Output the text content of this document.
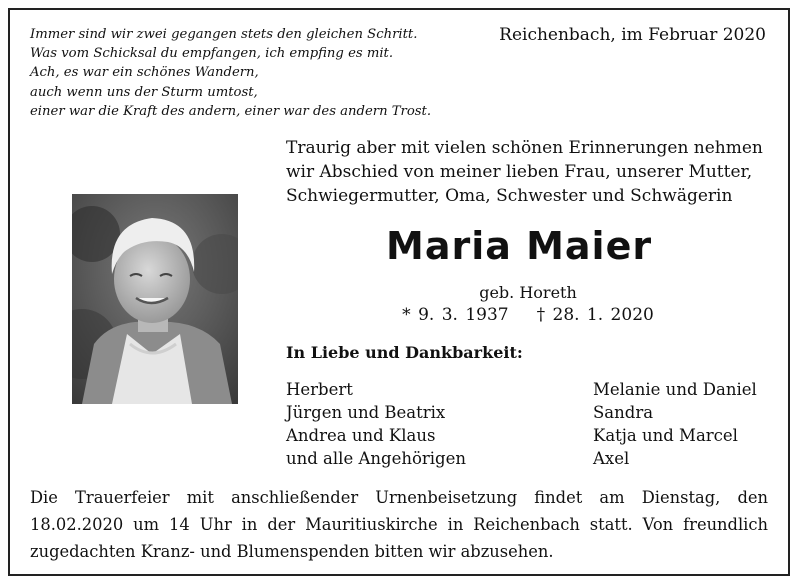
Immer sind wir zwei gegangen stets den gleichen Schritt.
Was vom Schicksal du empfangen, ich empfing es mit.
Ach, es war ein schönes Wandern,
auch wenn uns der Sturm umtost,
einer war die Kraft des andern, einer war des andern Trost.
Reichenbach, im Februar 2020
Traurig aber mit vielen schönen Erinnerungen nehmen
wir Abschied von meiner lieben Frau, unserer Mutter,
Schwiegermutter, Oma, Schwester und Schwägerin
Maria Maier
geb. Horeth
* 9. 3. 1937 † 28. 1. 2020
In Liebe und Dankbarkeit:
Herbert
Jürgen und Beatrix
Andrea und Klaus
und alle Angehörigen
Melanie und Daniel
Sandra
Katja und Marcel
Axel
Die Trauerfeier mit anschließender Urnenbeisetzung findet am Dienstag, den
18.02.2020 um 14 Uhr in der Mauritiuskirche in Reichenbach statt. Von freundlich
zugedachten Kranz- und Blumenspenden bitten wir abzusehen.
